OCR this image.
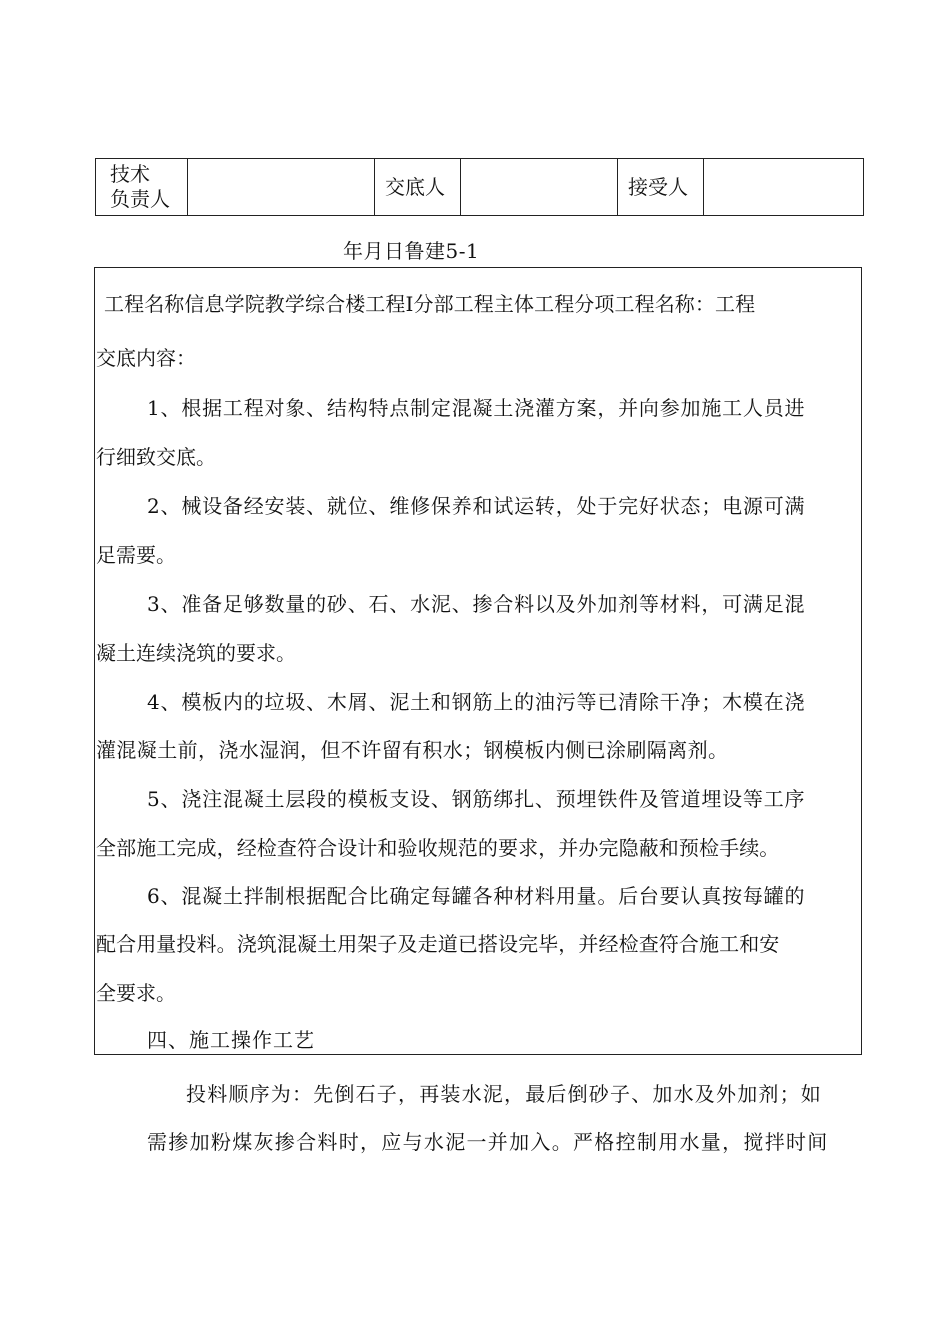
技术
负责人		交底人		接受人	
年月日鲁建5-1
工程名称信息学院教学综合楼工程Ⅰ分部工程主体工程分项工程名称：工程
交底内容：
1、根据工程对象、结构特点制定混凝土浇灌方案，并向参加施工人员进
行细致交底。
2、械设备经安装、就位、维修保养和试运转，处于完好状态；电源可满
足需要。
3、准备足够数量的砂、石、水泥、掺合料以及外加剂等材料，可满足混
凝土连续浇筑的要求。
4、模板内的垃圾、木屑、泥土和钢筋上的油污等已清除干净；木模在浇
灌混凝土前，浇水湿润，但不许留有积水；钢模板内侧已涂刷隔离剂。
5、浇注混凝土层段的模板支设、钢筋绑扎、预埋铁件及管道埋设等工序
全部施工完成，经检查符合设计和验收规范的要求，并办完隐蔽和预检手续。
6、混凝土拌制根据配合比确定每罐各种材料用量。后台要认真按每罐的
配合用量投料。浇筑混凝土用架子及走道已搭设完毕，并经检查符合施工和安
全要求。
四、施工操作工艺
投料顺序为：先倒石子，再装水泥，最后倒砂子、加水及外加剂；如
需掺加粉煤灰掺合料时，应与水泥一并加入。严格控制用水量，搅拌时间
